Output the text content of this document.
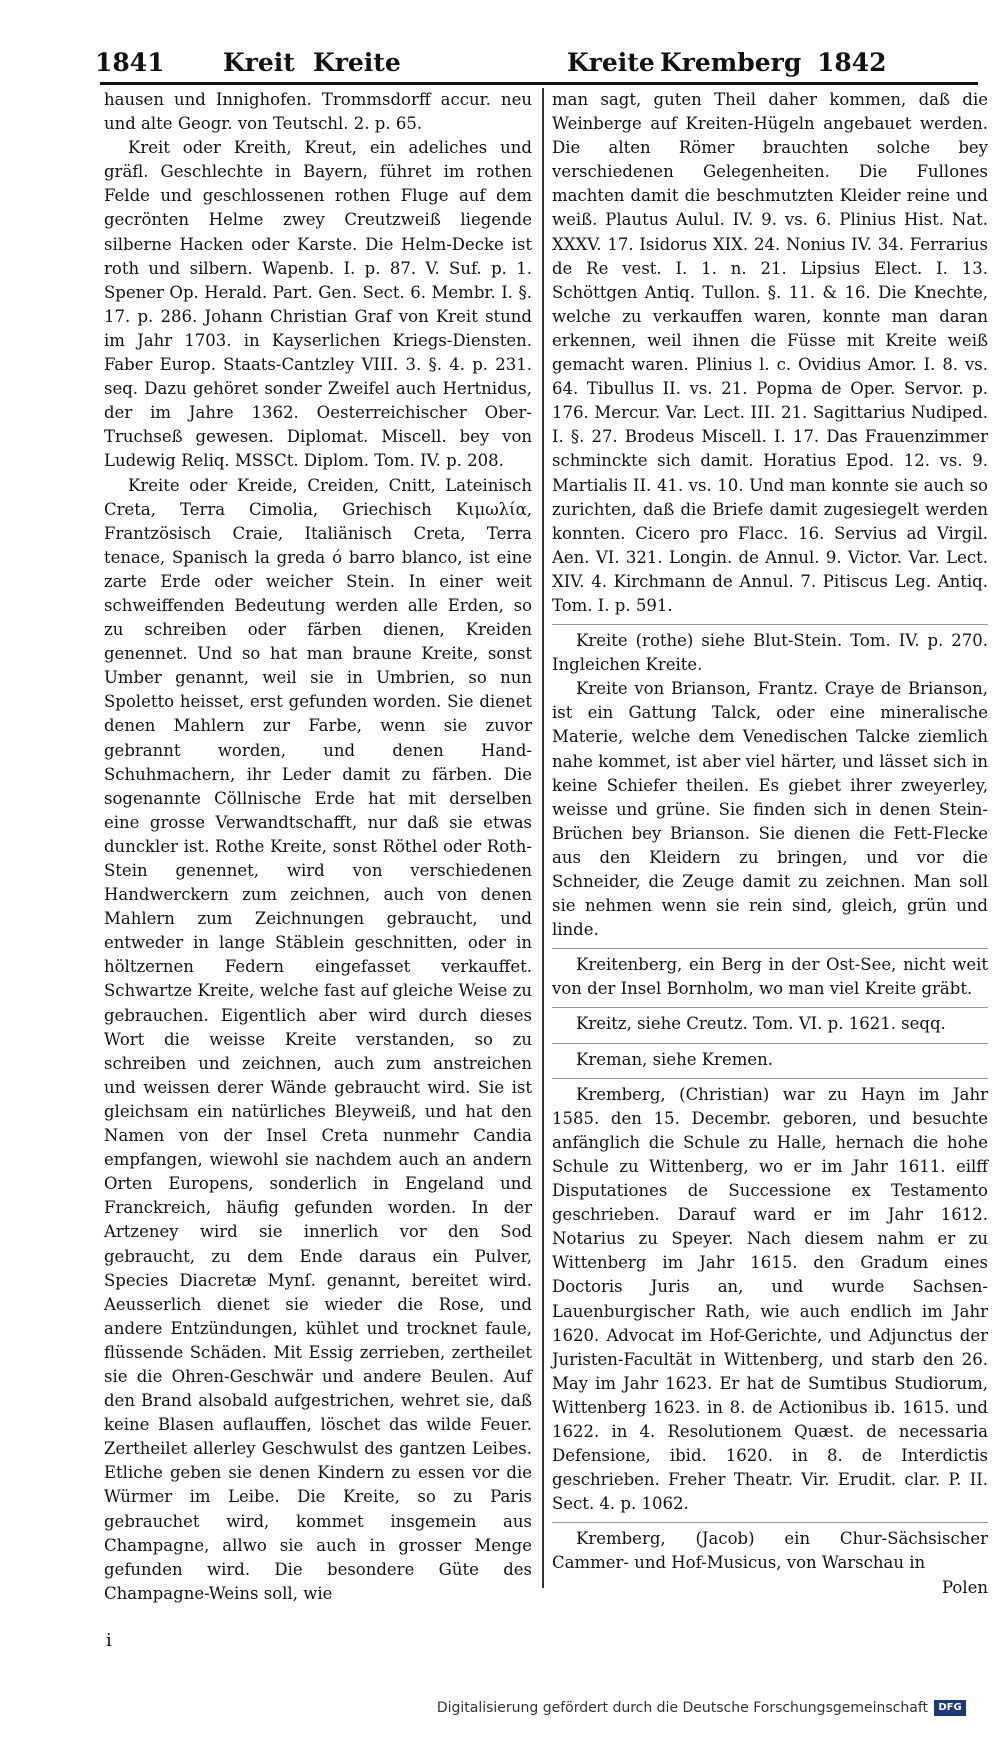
1841 Kreit Kreite	Kreite Kremberg 1842

hausen und Innighofen. Trommsdorff accur. neu und alte Geogr. von Teutschl. 2. p. 65.

Kreit oder Kreith, Kreut, ein adeliches und gräfl. Geschlechte in Bayern, führet im rothen Felde und geschlossenen rothen Fluge auf dem gecrönten Helme zwey Creutzweiß liegende silberne Hacken oder Karste. Die Helm-Decke ist roth und silbern. Wapenb. I. p. 87. V. Suf. p. 1. Spener Op. Herald. Part. Gen. Sect. 6. Membr. I. §. 17. p. 286. Johann Christian Graf von Kreit stund im Jahr 1703. in Kayserlichen Kriegs-Diensten. Faber Europ. Staats-Cantzley VIII. 3. §. 4. p. 231. seq. Dazu gehöret sonder Zweifel auch Hertnidus, der im Jahre 1362. Oesterreichischer Ober-Truchseß gewesen. Diplomat. Miscell. bey von Ludewig Reliq. MSSCt. Diplom. Tom. IV. p. 208.

Kreite oder Kreide, Creiden, Cnitt, Lateinisch Creta, Terra Cimolia, Griechisch Κιμωλία, Frantzösisch Craie, Italiänisch Creta, Terra tenace, Spanisch la greda ó barro blanco, ist eine zarte Erde oder weicher Stein. In einer weit schweiffenden Bedeutung werden alle Erden, so zu schreiben oder färben dienen, Kreiden genennet. Und so hat man braune Kreite, sonst Umber genannt, weil sie in Umbrien, so nun Spoletto heisset, erst gefunden worden. Sie dienet denen Mahlern zur Farbe, wenn sie zuvor gebrannt worden, und denen Hand-Schuhmachern, ihr Leder damit zu färben. Die sogenannte Cöllnische Erde hat mit derselben eine grosse Verwandtschafft, nur daß sie etwas dunckler ist. Rothe Kreite, sonst Röthel oder Roth-Stein genennet, wird von verschiedenen Handwerckern zum zeichnen, auch von denen Mahlern zum Zeichnungen gebraucht, und entweder in lange Stäblein geschnitten, oder in höltzernen Federn eingefasset verkauffet. Schwartze Kreite, welche fast auf gleiche Weise zu gebrauchen. Eigentlich aber wird durch dieses Wort die weisse Kreite verstanden, so zu schreiben und zeichnen, auch zum anstreichen und weissen derer Wände gebraucht wird. Sie ist gleichsam ein natürliches Bleyweiß, und hat den Namen von der Insel Creta nunmehr Candia empfangen, wiewohl sie nachdem auch an andern Orten Europens, sonderlich in Engeland und Franckreich, häufig gefunden worden. In der Artzeney wird sie innerlich vor den Sod gebraucht, zu dem Ende daraus ein Pulver, Species Diacretæ Mynſ. genannt, bereitet wird. Aeusserlich dienet sie wieder die Rose, und andere Entzündungen, kühlet und trocknet faule, flüssende Schäden. Mit Essig zerrieben, zertheilet sie die Ohren-Geschwär und andere Beulen. Auf den Brand alsobald aufgestrichen, wehret sie, daß keine Blasen auflauffen, löschet das wilde Feuer. Zertheilet allerley Geschwulst des gantzen Leibes. Etliche geben sie denen Kindern zu essen vor die Würmer im Leibe. Die Kreite, so zu Paris gebrauchet wird, kommet insgemein aus Champagne, allwo sie auch in grosser Menge gefunden wird. Die besondere Güte des Champagne-Weins soll, wie

man sagt, guten Theil daher kommen, daß die Weinberge auf Kreiten-Hügeln angebauet werden. Die alten Römer brauchten solche bey verschiedenen Gelegenheiten. Die Fullones machten damit die beschmutzten Kleider reine und weiß. Plautus Aulul. IV. 9. vs. 6. Plinius Hist. Nat. XXXV. 17. Isidorus XIX. 24. Nonius IV. 34. Ferrarius de Re vest. I. 1. n. 21. Lipsius Elect. I. 13. Schöttgen Antiq. Tullon. §. 11. & 16. Die Knechte, welche zu verkauffen waren, konnte man daran erkennen, weil ihnen die Füsse mit Kreite weiß gemacht waren. Plinius l. c. Ovidius Amor. I. 8. vs. 64. Tibullus II. vs. 21. Popma de Oper. Servor. p. 176. Mercur. Var. Lect. III. 21. Sagittarius Nudiped. I. §. 27. Brodeus Miscell. I. 17. Das Frauenzimmer schminckte sich damit. Horatius Epod. 12. vs. 9. Martialis II. 41. vs. 10. Und man konnte sie auch so zurichten, daß die Briefe damit zugesiegelt werden konnten. Cicero pro Flacc. 16. Servius ad Virgil. Aen. VI. 321. Longin. de Annul. 9. Victor. Var. Lect. XIV. 4. Kirchmann de Annul. 7. Pitiscus Leg. Antiq. Tom. I. p. 591.

Kreite (rothe) siehe Blut-Stein. Tom. IV. p. 270. Ingleichen Kreite.

Kreite von Brianson, Frantz. Craye de Brianson, ist ein Gattung Talck, oder eine mineralische Materie, welche dem Venedischen Talcke ziemlich nahe kommet, ist aber viel härter, und lässet sich in keine Schiefer theilen. Es giebet ihrer zweyerley, weisse und grüne. Sie finden sich in denen Stein-Brüchen bey Brianson. Sie dienen die Fett-Flecke aus den Kleidern zu bringen, und vor die Schneider, die Zeuge damit zu zeichnen. Man soll sie nehmen wenn sie rein sind, gleich, grün und linde.

Kreitenberg, ein Berg in der Ost-See, nicht weit von der Insel Bornholm, wo man viel Kreite gräbt.

Kreitz, siehe Creutz. Tom. VI. p. 1621. seqq.

Kreman, siehe Kremen.

Kremberg, (Christian) war zu Hayn im Jahr 1585. den 15. Decembr. geboren, und besuchte anfänglich die Schule zu Halle, hernach die hohe Schule zu Wittenberg, wo er im Jahr 1611. eilff Disputationes de Successione ex Testamento geschrieben. Darauf ward er im Jahr 1612. Notarius zu Speyer. Nach diesem nahm er zu Wittenberg im Jahr 1615. den Gradum eines Doctoris Juris an, und wurde Sachsen-Lauenburgischer Rath, wie auch endlich im Jahr 1620. Advocat im Hof-Gerichte, und Adjunctus der Juristen-Facultät in Wittenberg, und starb den 26. May im Jahr 1623. Er hat de Sumtibus Studiorum, Wittenberg 1623. in 8. de Actionibus ib. 1615. und 1622. in 4. Resolutionem Quæst. de necessaria Defensione, ibid. 1620. in 8. de Interdictis geschrieben. Freher Theatr. Vir. Erudit. clar. P. II. Sect. 4. p. 1062.

Kremberg, (Jacob) ein Chur-Sächsischer Cammer- und Hof-Musicus, von Warschau in

Polen

i
Digitalisierung gefördert durch die Deutsche Forschungsgemeinschaft	DFG
